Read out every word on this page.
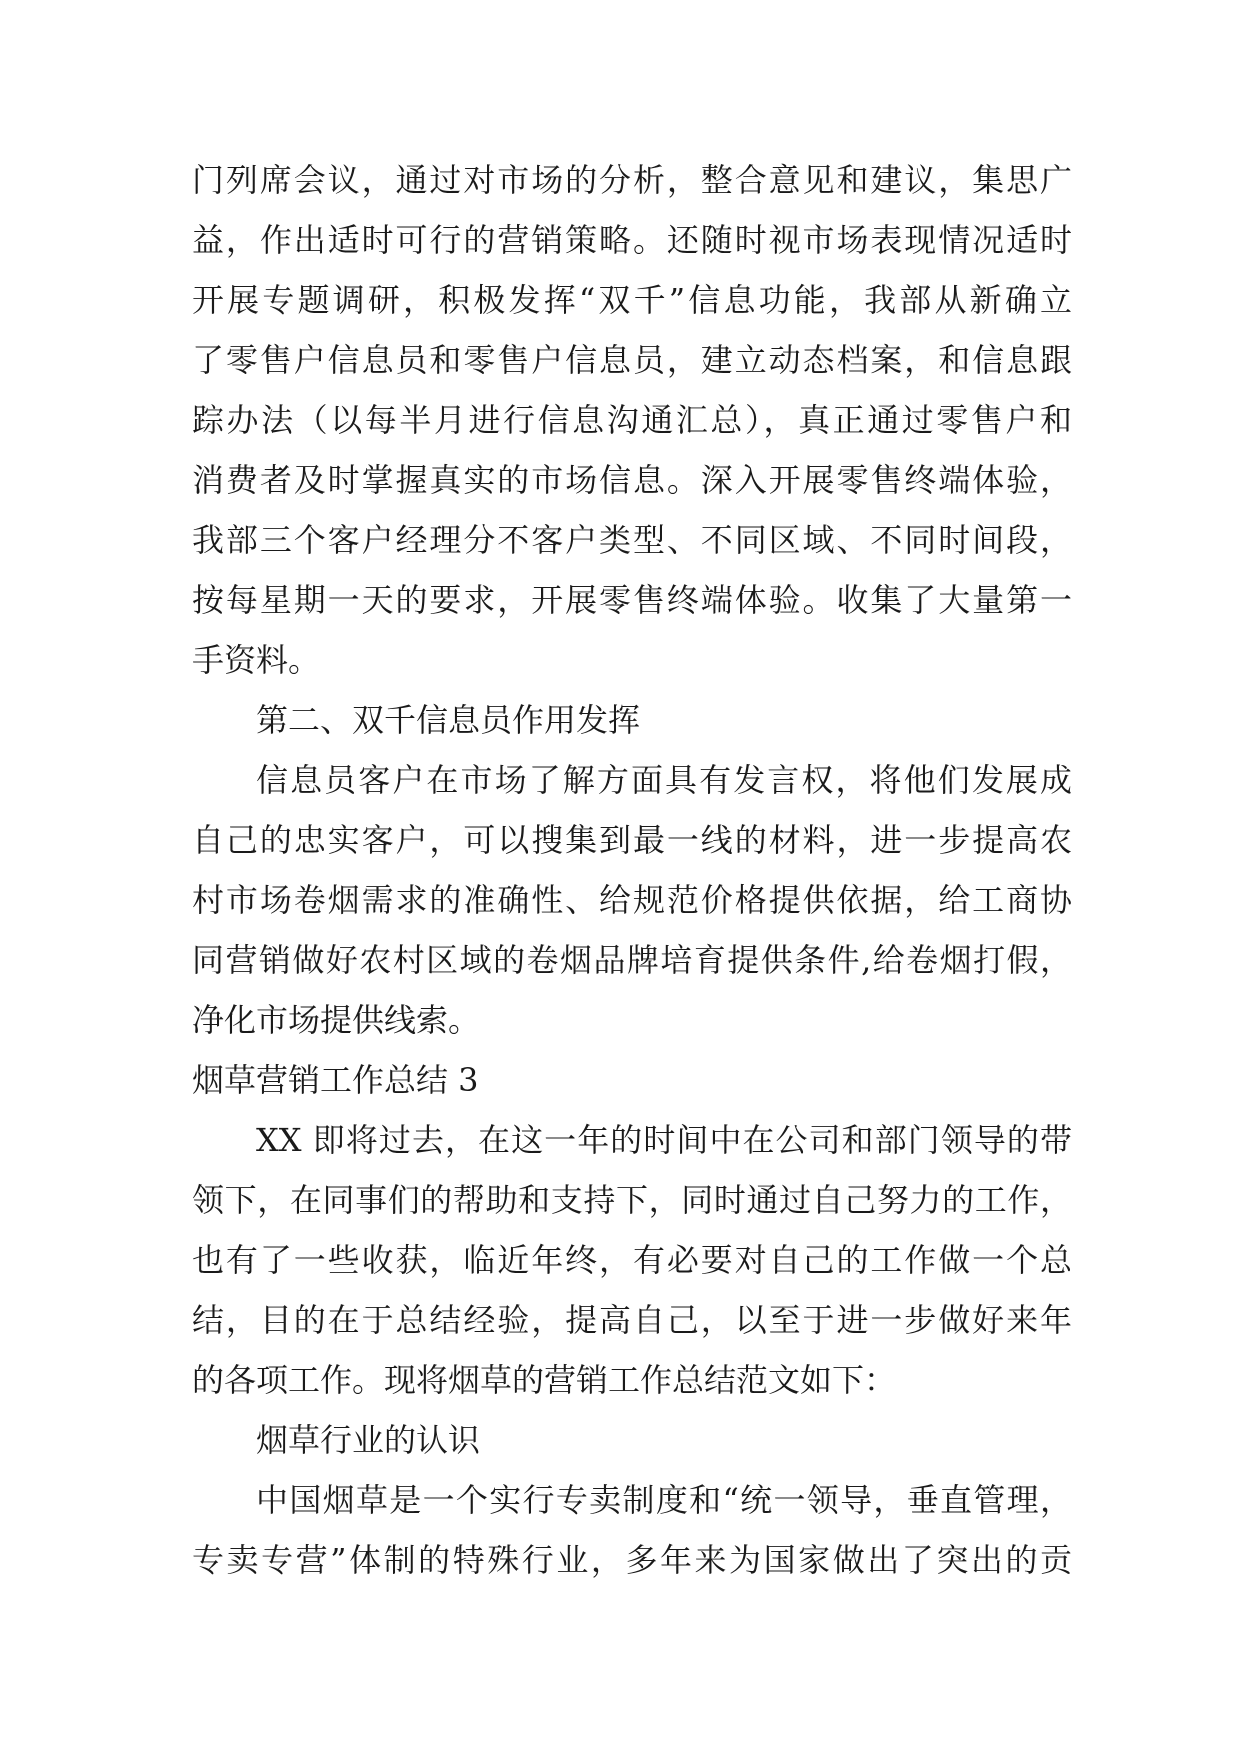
门列席会议，通过对市场的分析，整合意见和建议，集思广
益，作出适时可行的营销策略。还随时视市场表现情况适时
开展专题调研，积极发挥“双千”信息功能，我部从新确立
了零售户信息员和零售户信息员，建立动态档案，和信息跟
踪办法（以每半月进行信息沟通汇总），真正通过零售户和
消费者及时掌握真实的市场信息。深入开展零售终端体验，
我部三个客户经理分不客户类型、不同区域、不同时间段，
按每星期一天的要求，开展零售终端体验。收集了大量第一
手资料。
第二、双千信息员作用发挥
信息员客户在市场了解方面具有发言权，将他们发展成
自己的忠实客户，可以搜集到最一线的材料，进一步提高农
村市场卷烟需求的准确性、给规范价格提供依据，给工商协
同营销做好农村区域的卷烟品牌培育提供条件,给卷烟打假，
净化市场提供线索。
烟草营销工作总结 3
XX 即将过去，在这一年的时间中在公司和部门领导的带
领下，在同事们的帮助和支持下，同时通过自己努力的工作，
也有了一些收获，临近年终，有必要对自己的工作做一个总
结，目的在于总结经验，提高自己，以至于进一步做好来年
的各项工作。现将烟草的营销工作总结范文如下：
烟草行业的认识
中国烟草是一个实行专卖制度和“统一领导，垂直管理，
专卖专营”体制的特殊行业，多年来为国家做出了突出的贡
